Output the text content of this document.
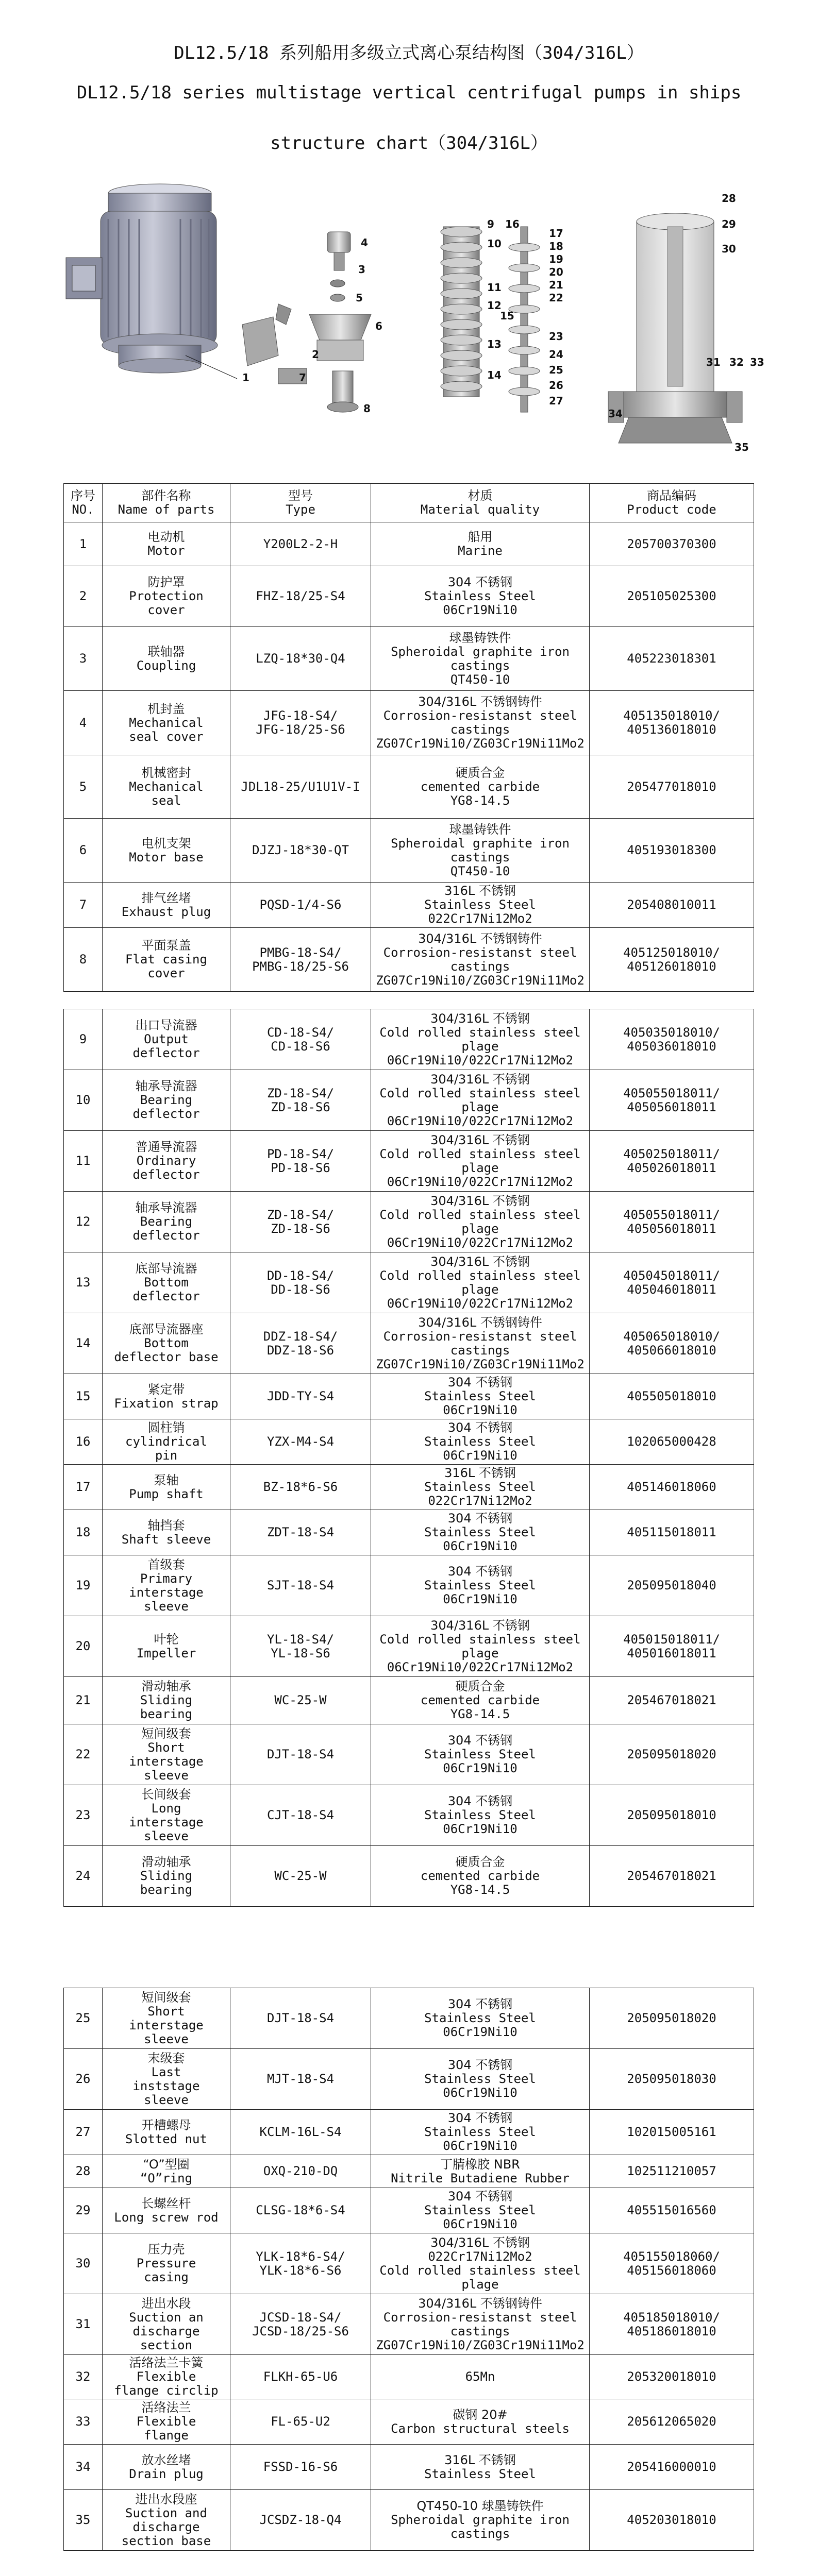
DL12.5/18 系列船用多级立式离心泵结构图（304/316L）
DL12.5/18 series multistage vertical centrifugal pumps in ships
structure chart（304/316L）
1
2
3
4
5
6
7
8
9
10
11
12
13
14
15
16
17
18
19
20
21
22
23
24
25
26
27
28
29
30
31 32 33
34
35
序号
NO.	部件名称
Name of parts	型号
Type	材质
Material quality	商品编码
Product code

1	电动机
Motor	Y200L2-2-H	船用
Marine	205700370300

2	防护罩
Protection
cover	FHZ-18/25-S4	304 不锈钢
Stainless Steel
06Cr19Ni10	205105025300

3	联轴器
Coupling	LZQ-18*30-Q4	球墨铸铁件
Spheroidal graphite iron
castings
QT450-10	405223018301

4	机封盖
Mechanical
seal cover	JFG-18-S4/
JFG-18/25-S6	304/316L 不锈钢铸件
Corrosion-resistanst steel
castings
ZG07Cr19Ni10/ZG03Cr19Ni11Mo2	405135018010/
405136018010

5	机械密封
Mechanical
seal	JDL18-25/U1U1V-I	硬质合金
cemented carbide
YG8-14.5	205477018010

6	电机支架
Motor base	DJZJ-18*30-QT	球墨铸铁件
Spheroidal graphite iron
castings
QT450-10	405193018300

7	排气丝堵
Exhaust plug	PQSD-1/4-S6	316L 不锈钢
Stainless Steel
022Cr17Ni12Mo2	205408010011

8	平面泵盖
Flat casing
cover	PMBG-18-S4/
PMBG-18/25-S6	304/316L 不锈钢铸件
Corrosion-resistanst steel
castings
ZG07Cr19Ni10/ZG03Cr19Ni11Mo2	405125018010/
405126018010
9	出口导流器
Output
deflector	CD-18-S4/
CD-18-S6	304/316L 不锈钢
Cold rolled stainless steel
plage
06Cr19Ni10/022Cr17Ni12Mo2	405035018010/
405036018010

10	轴承导流器
Bearing
deflector	ZD-18-S4/
ZD-18-S6	304/316L 不锈钢
Cold rolled stainless steel
plage
06Cr19Ni10/022Cr17Ni12Mo2	405055018011/
405056018011

11	普通导流器
Ordinary
deflector	PD-18-S4/
PD-18-S6	304/316L 不锈钢
Cold rolled stainless steel
plage
06Cr19Ni10/022Cr17Ni12Mo2	405025018011/
405026018011

12	轴承导流器
Bearing
deflector	ZD-18-S4/
ZD-18-S6	304/316L 不锈钢
Cold rolled stainless steel
plage
06Cr19Ni10/022Cr17Ni12Mo2	405055018011/
405056018011

13	底部导流器
Bottom
deflector	DD-18-S4/
DD-18-S6	304/316L 不锈钢
Cold rolled stainless steel
plage
06Cr19Ni10/022Cr17Ni12Mo2	405045018011/
405046018011

14	底部导流器座
Bottom
deflector base	DDZ-18-S4/
DDZ-18-S6	304/316L 不锈钢铸件
Corrosion-resistanst steel
castings
ZG07Cr19Ni10/ZG03Cr19Ni11Mo2	405065018010/
405066018010

15	紧定带
Fixation strap	JDD-TY-S4	304 不锈钢
Stainless Steel
06Cr19Ni10	405505018010

16	圆柱销
cylindrical
pin	YZX-M4-S4	304 不锈钢
Stainless Steel
06Cr19Ni10	102065000428

17	泵轴
Pump shaft	BZ-18*6-S6	316L 不锈钢
Stainless Steel
022Cr17Ni12Mo2	405146018060

18	轴挡套
Shaft sleeve	ZDT-18-S4	304 不锈钢
Stainless Steel
06Cr19Ni10	405115018011

19	首级套
Primary
interstage
sleeve	SJT-18-S4	304 不锈钢
Stainless Steel
06Cr19Ni10	205095018040

20	叶轮
Impeller	YL-18-S4/
YL-18-S6	304/316L 不锈钢
Cold rolled stainless steel
plage
06Cr19Ni10/022Cr17Ni12Mo2	405015018011/
405016018011

21	滑动轴承
Sliding
bearing	WC-25-W	硬质合金
cemented carbide
YG8-14.5	205467018021

22	短间级套
Short
interstage
sleeve	DJT-18-S4	304 不锈钢
Stainless Steel
06Cr19Ni10	205095018020

23	长间级套
Long
interstage
sleeve	CJT-18-S4	304 不锈钢
Stainless Steel
06Cr19Ni10	205095018010

24	滑动轴承
Sliding
bearing	WC-25-W	硬质合金
cemented carbide
YG8-14.5	205467018021
25	短间级套
Short
interstage
sleeve	DJT-18-S4	304 不锈钢
Stainless Steel
06Cr19Ni10	205095018020

26	末级套
Last
inststage
sleeve	MJT-18-S4	304 不锈钢
Stainless Steel
06Cr19Ni10	205095018030

27	开槽螺母
Slotted nut	KCLM-16L-S4	304 不锈钢
Stainless Steel
06Cr19Ni10	102015005161

28	“O”型圈
“O”ring	OXQ-210-DQ	丁腈橡胶 NBR
Nitrile Butadiene Rubber	102511210057

29	长螺丝杆
Long screw rod	CLSG-18*6-S4	304 不锈钢
Stainless Steel
06Cr19Ni10	405515016560

30	压力壳
Pressure
casing	YLK-18*6-S4/
YLK-18*6-S6	304/316L 不锈钢
022Cr17Ni12Mo2
Cold rolled stainless steel
plage	405155018060/
405156018060

31	进出水段
Suction an
discharge
section	JCSD-18-S4/
JCSD-18/25-S6	304/316L 不锈钢铸件
Corrosion-resistanst steel
castings
ZG07Cr19Ni10/ZG03Cr19Ni11Mo2	405185018010/
405186018010

32	活络法兰卡簧
Flexible
flange circlip	FLKH-65-U6	65Mn	205320018010

33	活络法兰
Flexible
flange	FL-65-U2	碳钢 20#
Carbon structural steels	205612065020

34	放水丝堵
Drain plug	FSSD-16-S6	316L 不锈钢
Stainless Steel	205416000010

35	进出水段座
Suction and
discharge
section base	JCSDZ-18-Q4	QT450-10 球墨铸铁件
Spheroidal graphite iron
castings	405203018010
